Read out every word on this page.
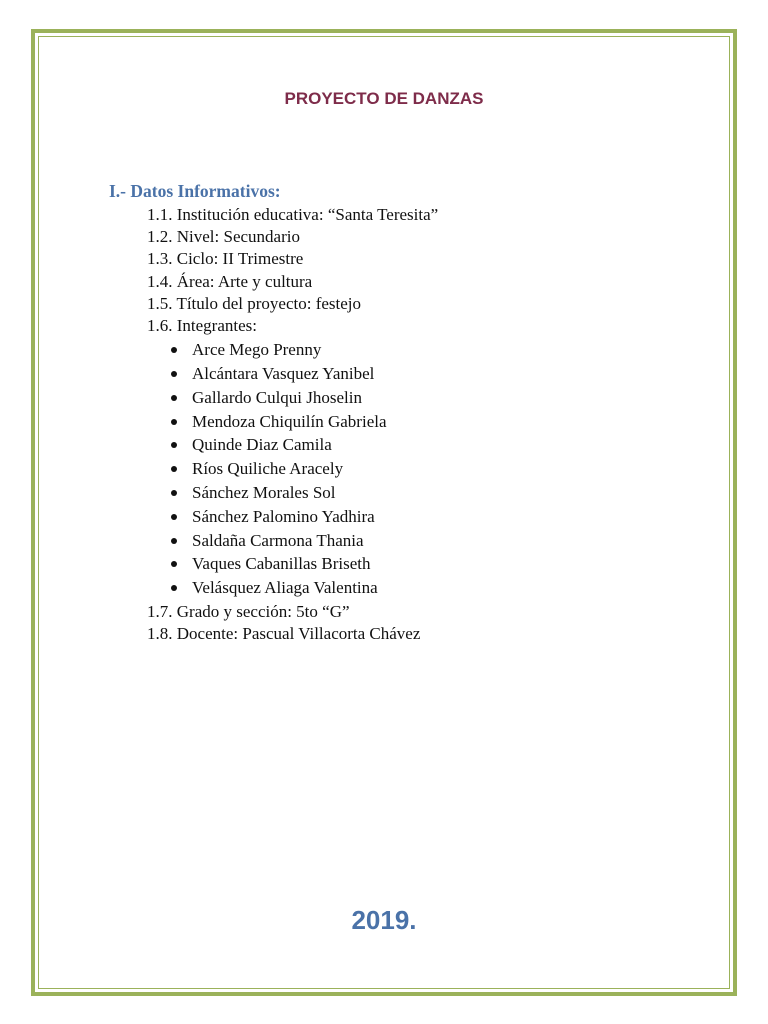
PROYECTO DE DANZAS
I.- Datos Informativos:
1.1. Institución educativa: “Santa Teresita”
1.2. Nivel: Secundario
1.3. Ciclo: II Trimestre
1.4. Área: Arte y cultura
1.5. Título del proyecto: festejo
1.6. Integrantes:
Arce Mego Prenny
Alcántara Vasquez Yanibel
Gallardo Culqui Jhoselin
Mendoza Chiquilín Gabriela
Quinde Diaz Camila
Ríos Quiliche Aracely
Sánchez Morales Sol
Sánchez Palomino Yadhira
Saldaña Carmona Thania
Vaques Cabanillas Briseth
Velásquez Aliaga Valentina
1.7. Grado y sección: 5to “G”
1.8. Docente: Pascual Villacorta Chávez
2019.
